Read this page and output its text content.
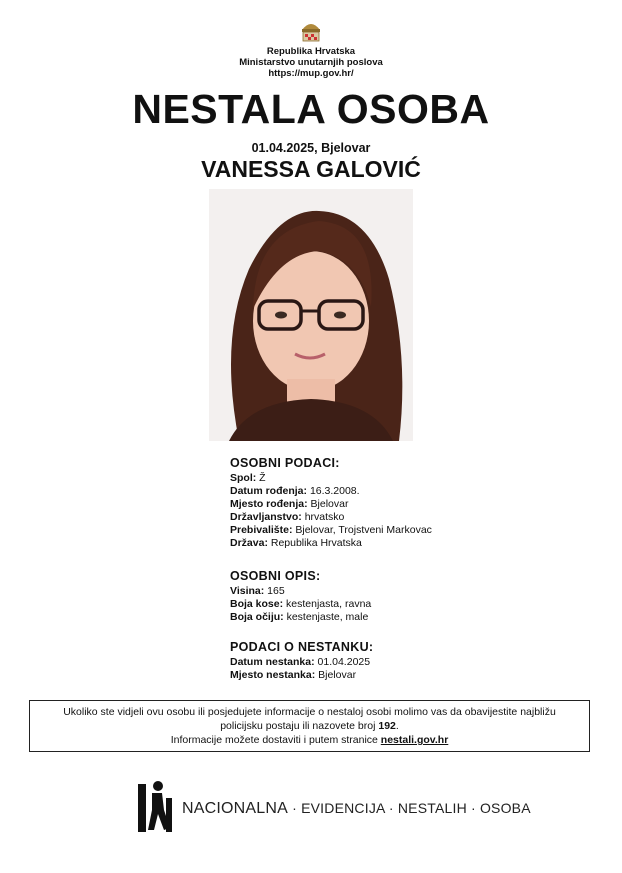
Republika Hrvatska
Ministarstvo unutarnjih poslova
https://mup.gov.hr/
NESTALA OSOBA
01.04.2025, Bjelovar
VANESSA GALOVIĆ
OSOBNI PODACI:
Spol: Ž
Datum rođenja: 16.3.2008.
Mjesto rođenja: Bjelovar
Državljanstvo: hrvatsko
Prebivalište: Bjelovar, Trojstveni Markovac
Država: Republika Hrvatska
OSOBNI OPIS:
Visina: 165
Boja kose: kestenjasta, ravna
Boja očiju: kestenjaste, male
PODACI O NESTANKU:
Datum nestanka: 01.04.2025
Mjesto nestanka: Bjelovar
Ukoliko ste vidjeli ovu osobu ili posjedujete informacije o nestaloj osobi molimo vas da obavijestite najbližu
policijsku postaju ili nazovete broj 192.
Informacije možete dostaviti i putem stranice nestali.gov.hr
NACIONALNA · EVIDENCIJA · NESTALIH · OSOBA
